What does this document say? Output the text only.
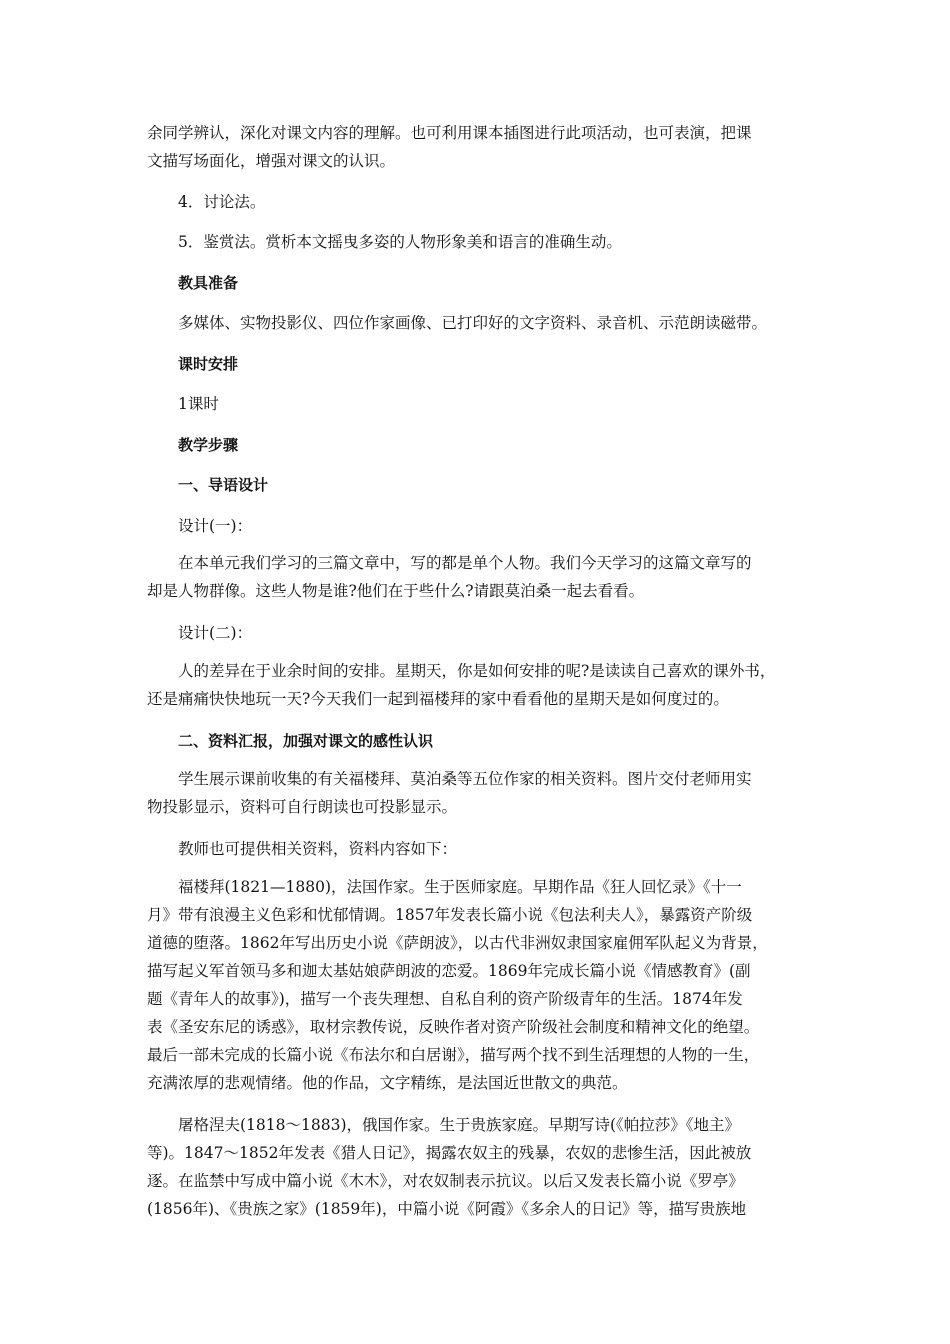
余同学辨认，深化对课文内容的理解。也可利用课本插图进行此项活动，也可表演，把课
文描写场面化，增强对课文的认识。

4．讨论法。

5．鉴赏法。赏析本文摇曳多姿的人物形象美和语言的准确生动。

教具准备

多媒体、实物投影仪、四位作家画像、已打印好的文字资料、录音机、示范朗读磁带。

课时安排

1课时

教学步骤

一、导语设计

设计(一)：

在本单元我们学习的三篇文章中，写的都是单个人物。我们今天学习的这篇文章写的
却是人物群像。这些人物是谁?他们在于些什么?请跟莫泊桑一起去看看。

设计(二)：

人的差异在于业余时间的安排。星期天，你是如何安排的呢?是读读自己喜欢的课外书，
还是痛痛快快地玩一天?今天我们一起到福楼拜的家中看看他的星期天是如何度过的。

二、资料汇报，加强对课文的感性认识

学生展示课前收集的有关福楼拜、莫泊桑等五位作家的相关资料。图片交付老师用实
物投影显示，资料可自行朗读也可投影显示。

教师也可提供相关资料，资料内容如下：

福楼拜(1821—1880)，法国作家。生于医师家庭。早期作品《狂人回忆录》《十一
月》带有浪漫主义色彩和忧郁情调。1857年发表长篇小说《包法利夫人》，暴露资产阶级
道德的堕落。1862年写出历史小说《萨朗波》，以古代非洲奴隶国家雇佣军队起义为背景，
描写起义军首领马多和迦太基姑娘萨朗波的恋爱。1869年完成长篇小说《情感教育》(副
题《青年人的故事》)，描写一个丧失理想、自私自利的资产阶级青年的生活。1874年发
表《圣安东尼的诱惑》，取材宗教传说，反映作者对资产阶级社会制度和精神文化的绝望。
最后一部未完成的长篇小说《布法尔和白居谢》，描写两个找不到生活理想的人物的一生，
充满浓厚的悲观情绪。他的作品，文字精练，是法国近世散文的典范。

屠格涅夫(1818～1883)，俄国作家。生于贵族家庭。早期写诗(《帕拉莎》《地主》
等)。1847～1852年发表《猎人日记》，揭露农奴主的残暴，农奴的悲惨生活，因此被放
逐。在监禁中写成中篇小说《木木》，对农奴制表示抗议。以后又发表长篇小说《罗亭》
(1856年)、《贵族之家》(1859年)，中篇小说《阿霞》《多余人的日记》等，描写贵族地
